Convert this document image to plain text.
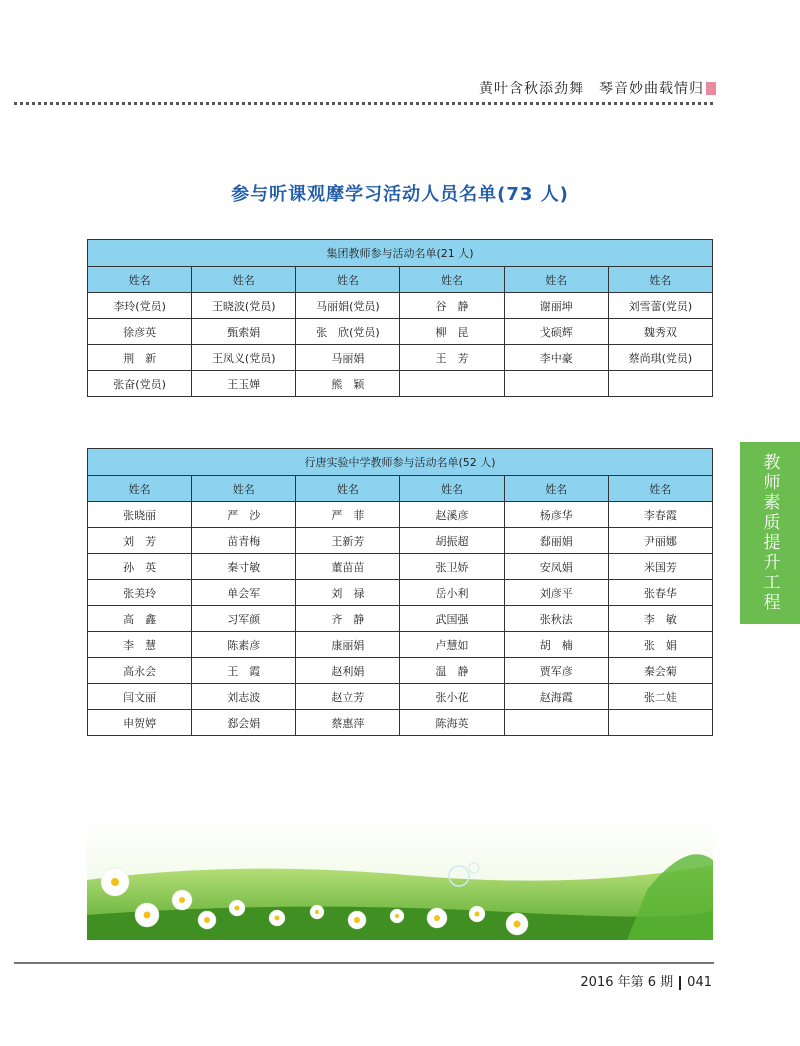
黄叶含秋添劲舞　琴音妙曲载情归
参与听课观摩学习活动人员名单(73 人)
集团教师参与活动名单(21 人)					
姓名	姓名	姓名	姓名	姓名	姓名
李玲(党员)	王晓波(党员)	马丽娟(党员)	谷　静	谢丽坤	刘雪蕾(党员)
徐彦英	甄索娟	张　欣(党员)	柳　昆	戈硕辉	魏秀双
荆　新	王凤义(党员)	马丽娟	王　芳	李中豪	蔡尚琪(党员)
张奋(党员)	王玉婵	熊　颖			
行唐实验中学教师参与活动名单(52 人)					
姓名	姓名	姓名	姓名	姓名	姓名
张晓丽	严　沙	严　菲	赵溪彦	杨彦华	李春霞
刘　芳	苗青梅	王新芳	胡振超	郄丽娟	尹丽娜
孙　英	秦寸敏	董苗苗	张卫娇	安凤娟	米国芳
张美玲	单会军	刘　禄	岳小利	刘彦平	张春华
高　鑫	习军颜	齐　静	武国强	张秋法	李　敏
李　慧	陈素彦	康丽娟	卢慧如	胡　楠	张　娟
高永会	王　霞	赵利娟	温　静	贾军彦	秦会菊
闫文丽	刘志波	赵立芳	张小花	赵海霞	张二娃
申贺婷	郄会娟	蔡惠萍	陈海英		
教师素质提升工程
2016 年第 6 期 041
